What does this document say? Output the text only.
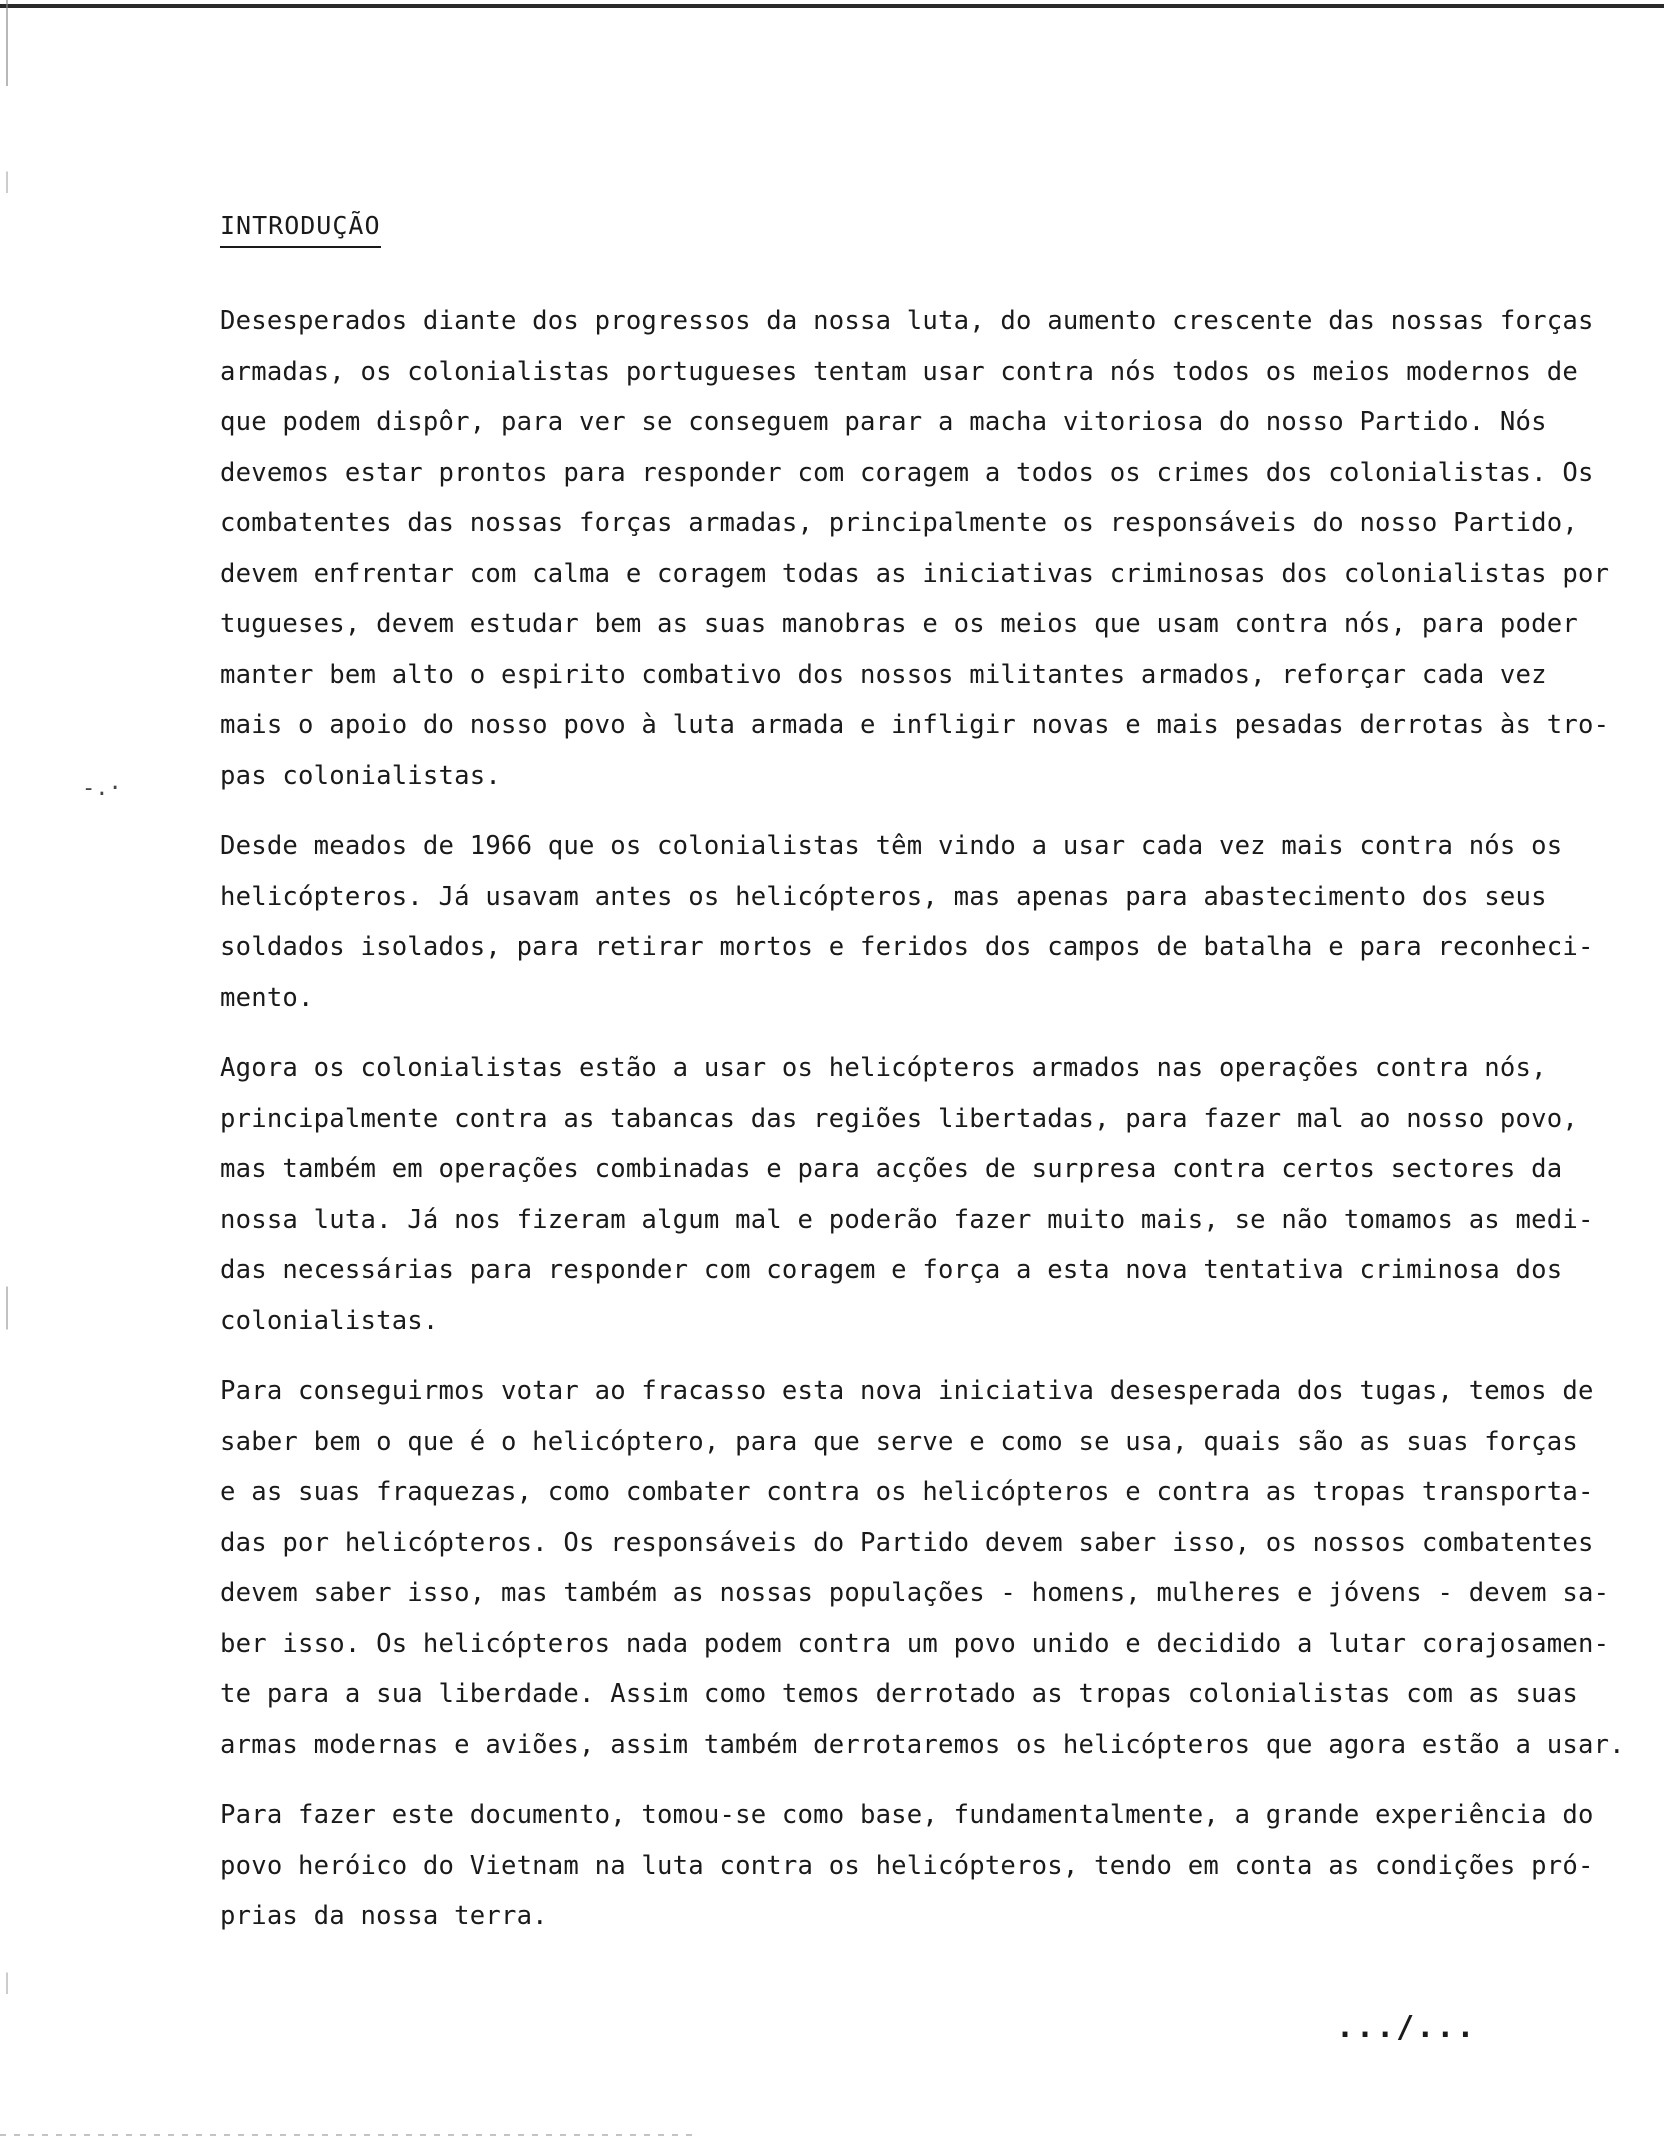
-.·
INTRODUÇÃO
Desesperados diante dos progressos da nossa luta, do aumento crescente das nossas forças
armadas, os colonialistas portugueses tentam usar contra nós todos os meios modernos de
que podem dispôr, para ver se conseguem parar a macha vitoriosa do nosso Partido. Nós
devemos estar prontos para responder com coragem a todos os crimes dos colonialistas. Os
combatentes das nossas forças armadas, principalmente os responsáveis do nosso Partido,
devem enfrentar com calma e coragem todas as iniciativas criminosas dos colonialistas por
tugueses, devem estudar bem as suas manobras e os meios que usam contra nós, para poder
manter bem alto o espirito combativo dos nossos militantes armados, reforçar cada vez
mais o apoio do nosso povo à luta armada e infligir novas e mais pesadas derrotas às tro-
pas colonialistas.
Desde meados de 1966 que os colonialistas têm vindo a usar cada vez mais contra nós os
helicópteros. Já usavam antes os helicópteros, mas apenas para abastecimento dos seus
soldados isolados, para retirar mortos e feridos dos campos de batalha e para reconheci-
mento.
Agora os colonialistas estão a usar os helicópteros armados nas operações contra nós,
principalmente contra as tabancas das regiões libertadas, para fazer mal ao nosso povo,
mas também em operações combinadas e para acções de surpresa contra certos sectores da
nossa luta. Já nos fizeram algum mal e poderão fazer muito mais, se não tomamos as medi-
das necessárias para responder com coragem e força a esta nova tentativa criminosa dos
colonialistas.
Para conseguirmos votar ao fracasso esta nova iniciativa desesperada dos tugas, temos de
saber bem o que é o helicóptero, para que serve e como se usa, quais são as suas forças
e as suas fraquezas, como combater contra os helicópteros e contra as tropas transporta-
das por helicópteros. Os responsáveis do Partido devem saber isso, os nossos combatentes
devem saber isso, mas também as nossas populações - homens, mulheres e jóvens - devem sa-
ber isso. Os helicópteros nada podem contra um povo unido e decidido a lutar corajosamen-
te para a sua liberdade. Assim como temos derrotado as tropas colonialistas com as suas
armas modernas e aviões, assim também derrotaremos os helicópteros que agora estão a usar.
Para fazer este documento, tomou-se como base, fundamentalmente, a grande experiência do
povo heróico do Vietnam na luta contra os helicópteros, tendo em conta as condições pró-
prias da nossa terra.
.../...
